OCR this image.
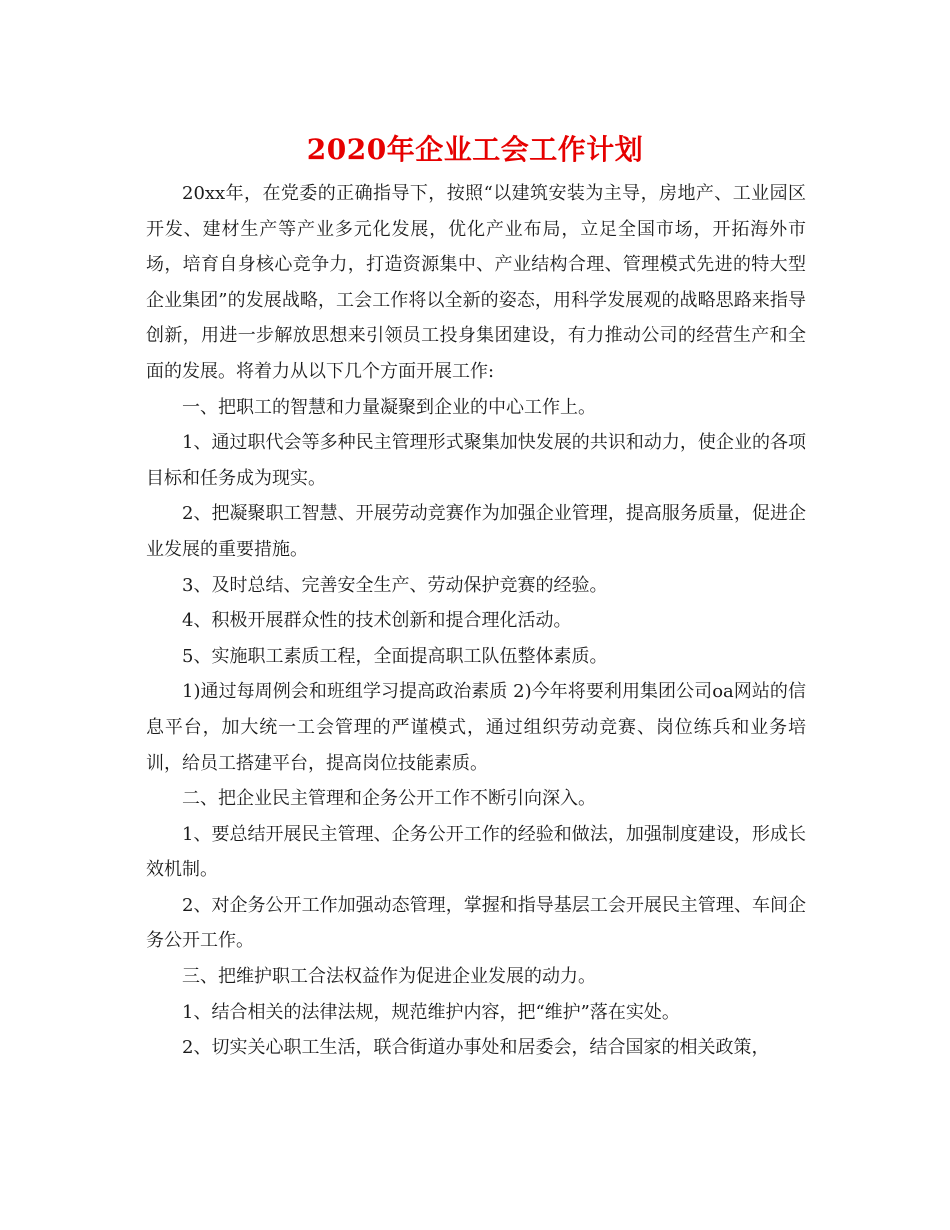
2020年企业工会工作计划

20xx年，在党委的正确指导下，按照“以建筑安装为主导，房地产、工业园区开发、建材生产等产业多元化发展，优化产业布局，立足全国市场，开拓海外市场，培育自身核心竞争力，打造资源集中、产业结构合理、管理模式先进的特大型企业集团”的发展战略，工会工作将以全新的姿态，用科学发展观的战略思路来指导创新，用进一步解放思想来引领员工投身集团建设，有力推动公司的经营生产和全面的发展。将着力从以下几个方面开展工作:

一、把职工的智慧和力量凝聚到企业的中心工作上。

1、通过职代会等多种民主管理形式聚集加快发展的共识和动力，使企业的各项目标和任务成为现实。

2、把凝聚职工智慧、开展劳动竞赛作为加强企业管理，提高服务质量，促进企业发展的重要措施。

3、及时总结、完善安全生产、劳动保护竞赛的经验。

4、积极开展群众性的技术创新和提合理化活动。

5、实施职工素质工程，全面提高职工队伍整体素质。

1)通过每周例会和班组学习提高政治素质 2)今年将要利用集团公司oa网站的信息平台，加大统一工会管理的严谨模式，通过组织劳动竞赛、岗位练兵和业务培训，给员工搭建平台，提高岗位技能素质。

二、把企业民主管理和企务公开工作不断引向深入。

1、要总结开展民主管理、企务公开工作的经验和做法，加强制度建设，形成长效机制。

2、对企务公开工作加强动态管理，掌握和指导基层工会开展民主管理、车间企务公开工作。

三、把维护职工合法权益作为促进企业发展的动力。

1、结合相关的法律法规，规范维护内容，把“维护”落在实处。

2、切实关心职工生活，联合街道办事处和居委会，结合国家的相关政策，
